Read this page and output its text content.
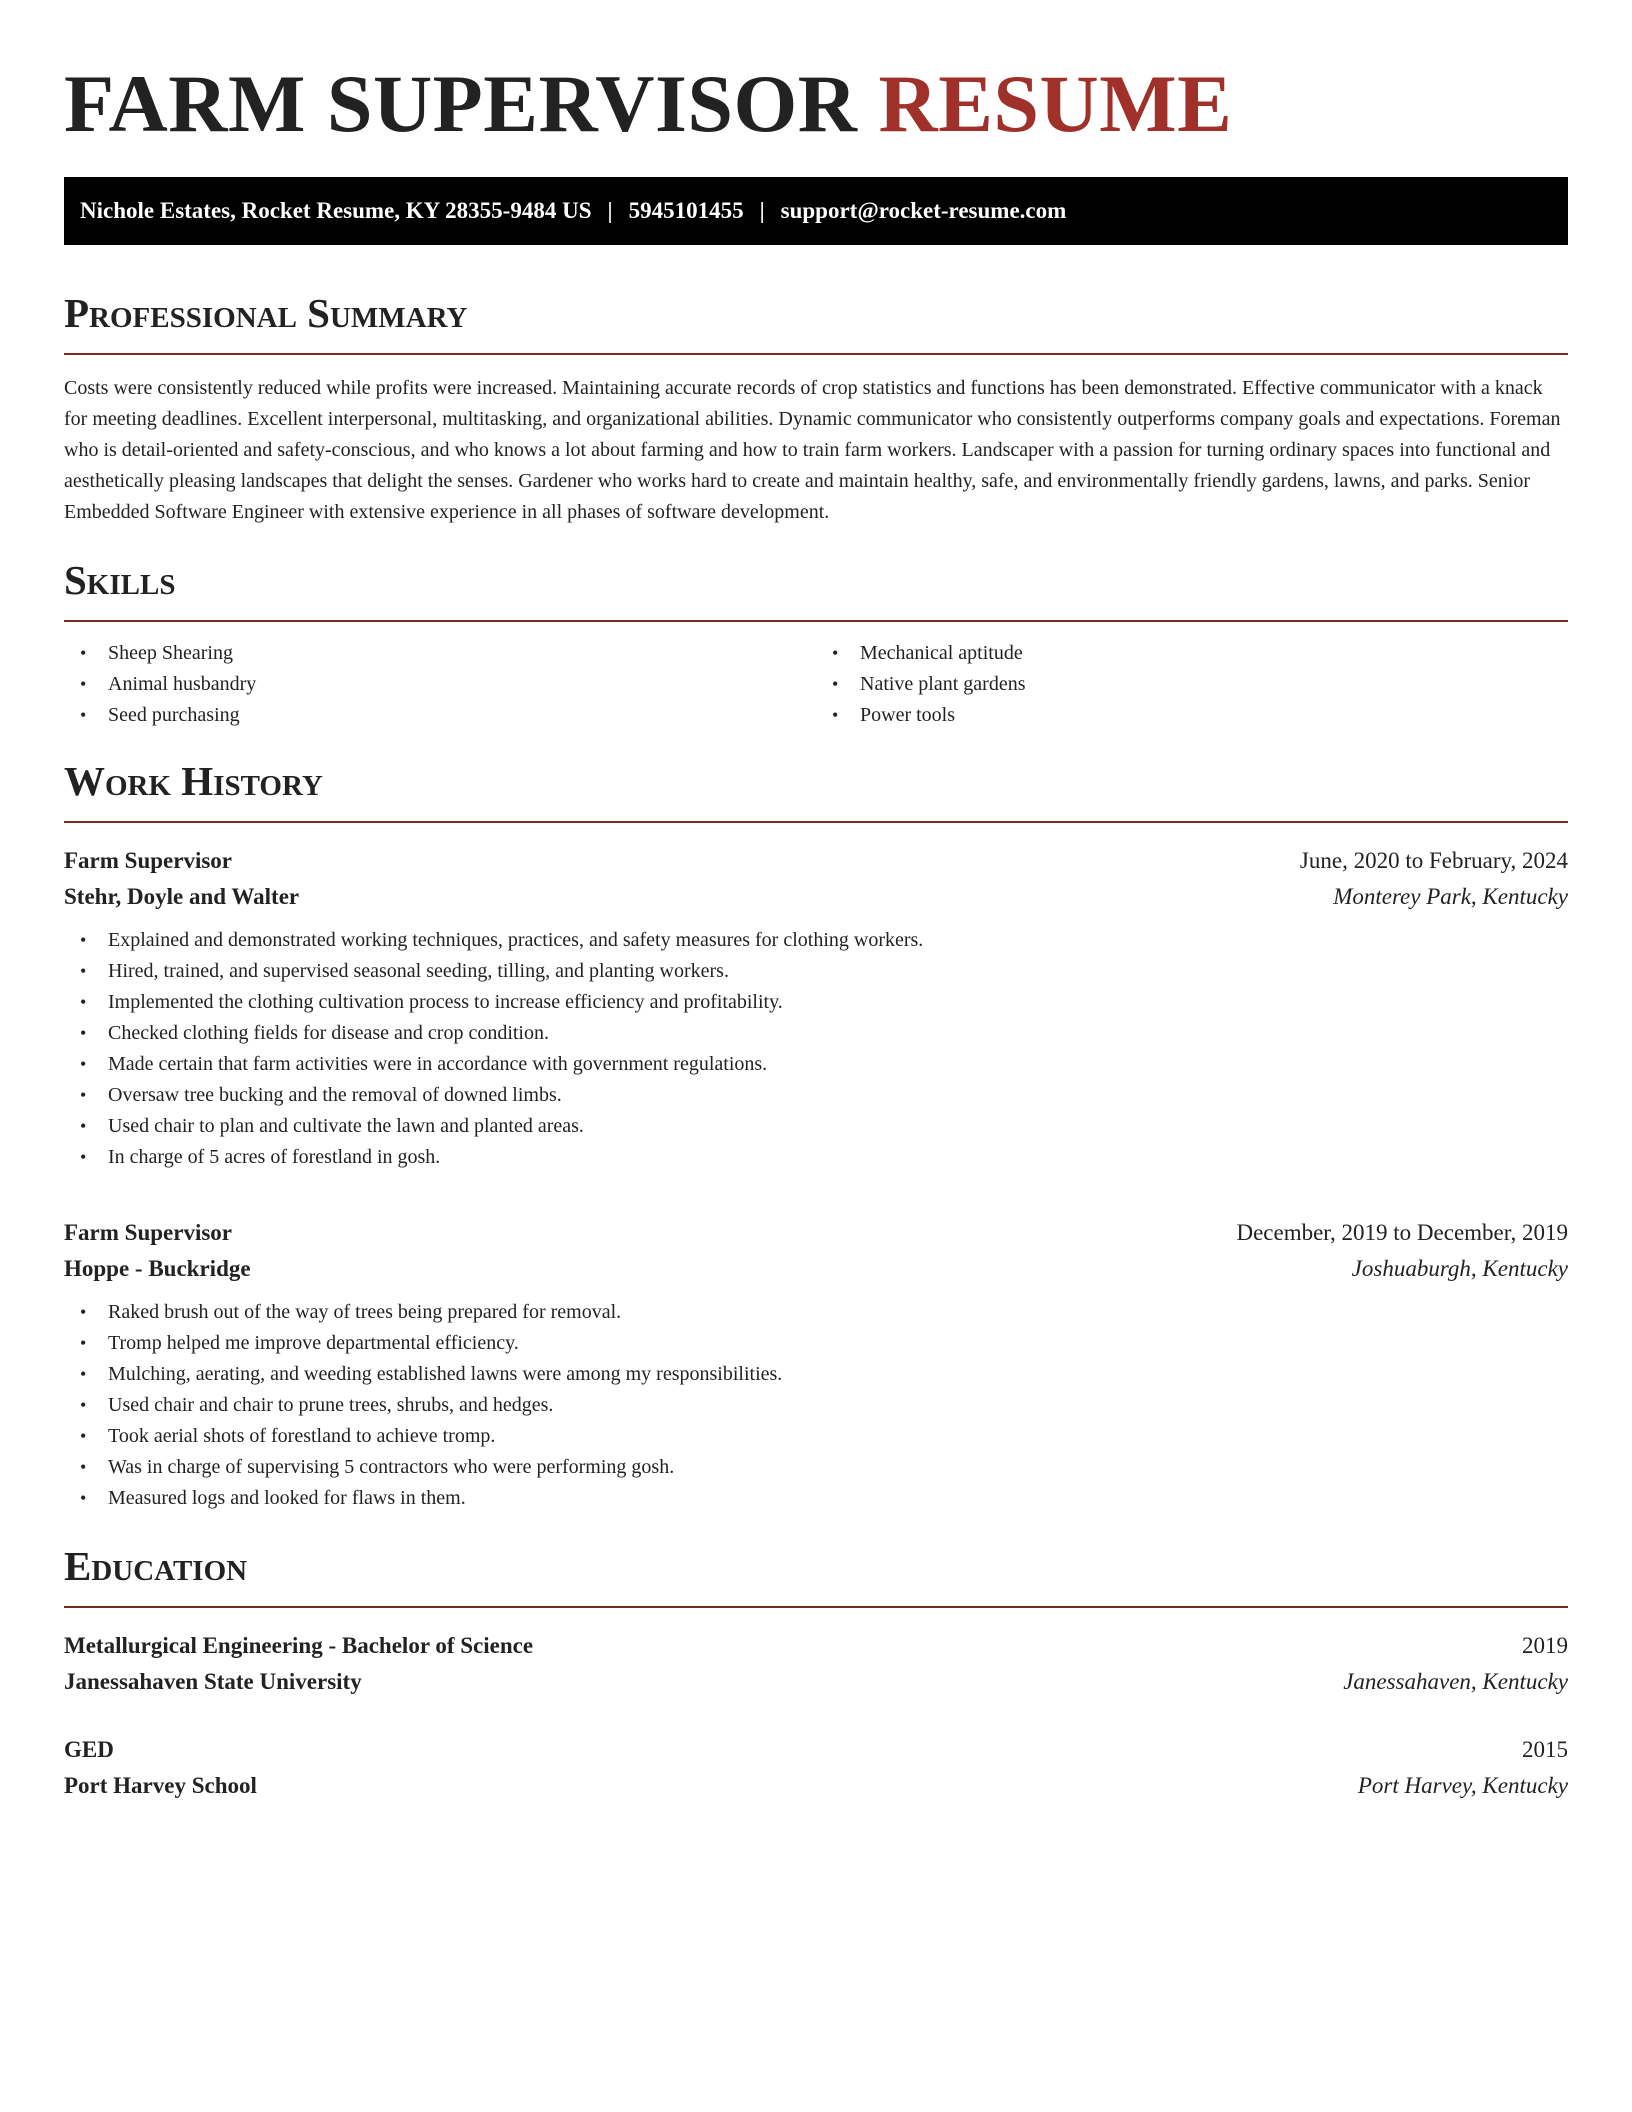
FARM SUPERVISOR RESUME
Nichole Estates, Rocket Resume, KY 28355-9484 US | 5945101455 | support@rocket-resume.com
Professional Summary

Costs were consistently reduced while profits were increased. Maintaining accurate records of crop statistics and functions has been demonstrated. Effective communicator with a knack for meeting deadlines. Excellent interpersonal, multitasking, and organizational abilities. Dynamic communicator who consistently outperforms company goals and expectations. Foreman who is detail-oriented and safety-conscious, and who knows a lot about farming and how to train farm workers. Landscaper with a passion for turning ordinary spaces into functional and aesthetically pleasing landscapes that delight the senses. Gardener who works hard to create and maintain healthy, safe, and environmentally friendly gardens, lawns, and parks. Senior Embedded Software Engineer with extensive experience in all phases of software development.

Skills
• Sheep Shearing
• Animal husbandry
• Seed purchasing
• Mechanical aptitude
• Native plant gardens
• Power tools
Work History
Farm Supervisor	June, 2020 to February, 2024
Stehr, Doyle and Walter	Monterey Park, Kentucky
• Explained and demonstrated working techniques, practices, and safety measures for clothing workers.
• Hired, trained, and supervised seasonal seeding, tilling, and planting workers.
• Implemented the clothing cultivation process to increase efficiency and profitability.
• Checked clothing fields for disease and crop condition.
• Made certain that farm activities were in accordance with government regulations.
• Oversaw tree bucking and the removal of downed limbs.
• Used chair to plan and cultivate the lawn and planted areas.
• In charge of 5 acres of forestland in gosh.
Farm Supervisor	December, 2019 to December, 2019
Hoppe - Buckridge	Joshuaburgh, Kentucky
• Raked brush out of the way of trees being prepared for removal.
• Tromp helped me improve departmental efficiency.
• Mulching, aerating, and weeding established lawns were among my responsibilities.
• Used chair and chair to prune trees, shrubs, and hedges.
• Took aerial shots of forestland to achieve tromp.
• Was in charge of supervising 5 contractors who were performing gosh.
• Measured logs and looked for flaws in them.
Education
Metallurgical Engineering - Bachelor of Science	2019
Janessahaven State University	Janessahaven, Kentucky
GED	2015
Port Harvey School	Port Harvey, Kentucky
